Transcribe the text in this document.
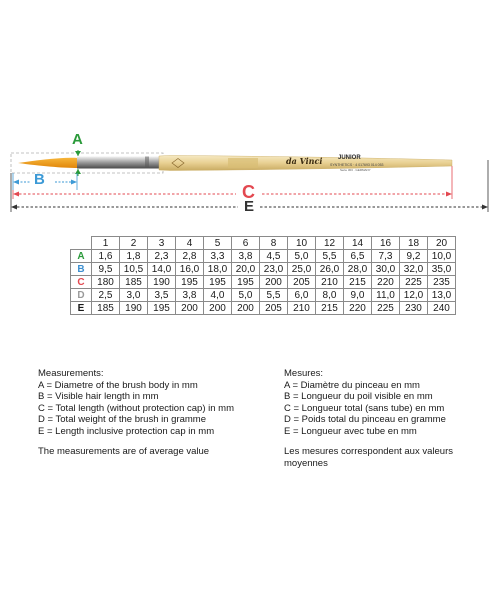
A
B
C
E
da Vinci	JUNIOR
SYNTHETICS · 4 017693 014 053
Serie 303 · GERMANY
	1	2	3	4	5	6	8	10	12	14	16	18	20
A	1,6	1,8	2,3	2,8	3,3	3,8	4,5	5,0	5,5	6,5	7,3	9,2	10,0
B	9,5	10,5	14,0	16,0	18,0	20,0	23,0	25,0	26,0	28,0	30,0	32,0	35,0
C	180	185	190	195	195	195	200	205	210	215	220	225	235
D	2,5	3,0	3,5	3,8	4,0	5,0	5,5	6,0	8,0	9,0	11,0	12,0	13,0
E	185	190	195	200	200	200	205	210	215	220	225	230	240
Measurements:
A = Diametre of the brush body in mm
B = Visible hair length in mm
C = Total length (without protection cap) in mm
D = Total weight of the brush in gramme
E = Length inclusive protection cap in mm
The measurements are of average value
Mesures:
A = Diamètre du pinceau en mm
B = Longueur du poil visible en mm
C = Longueur total (sans tube) en mm
D = Poids total du pinceau en gramme
E = Longueur avec tube en mm
Les mesures correspondent aux valeurs moyennes
